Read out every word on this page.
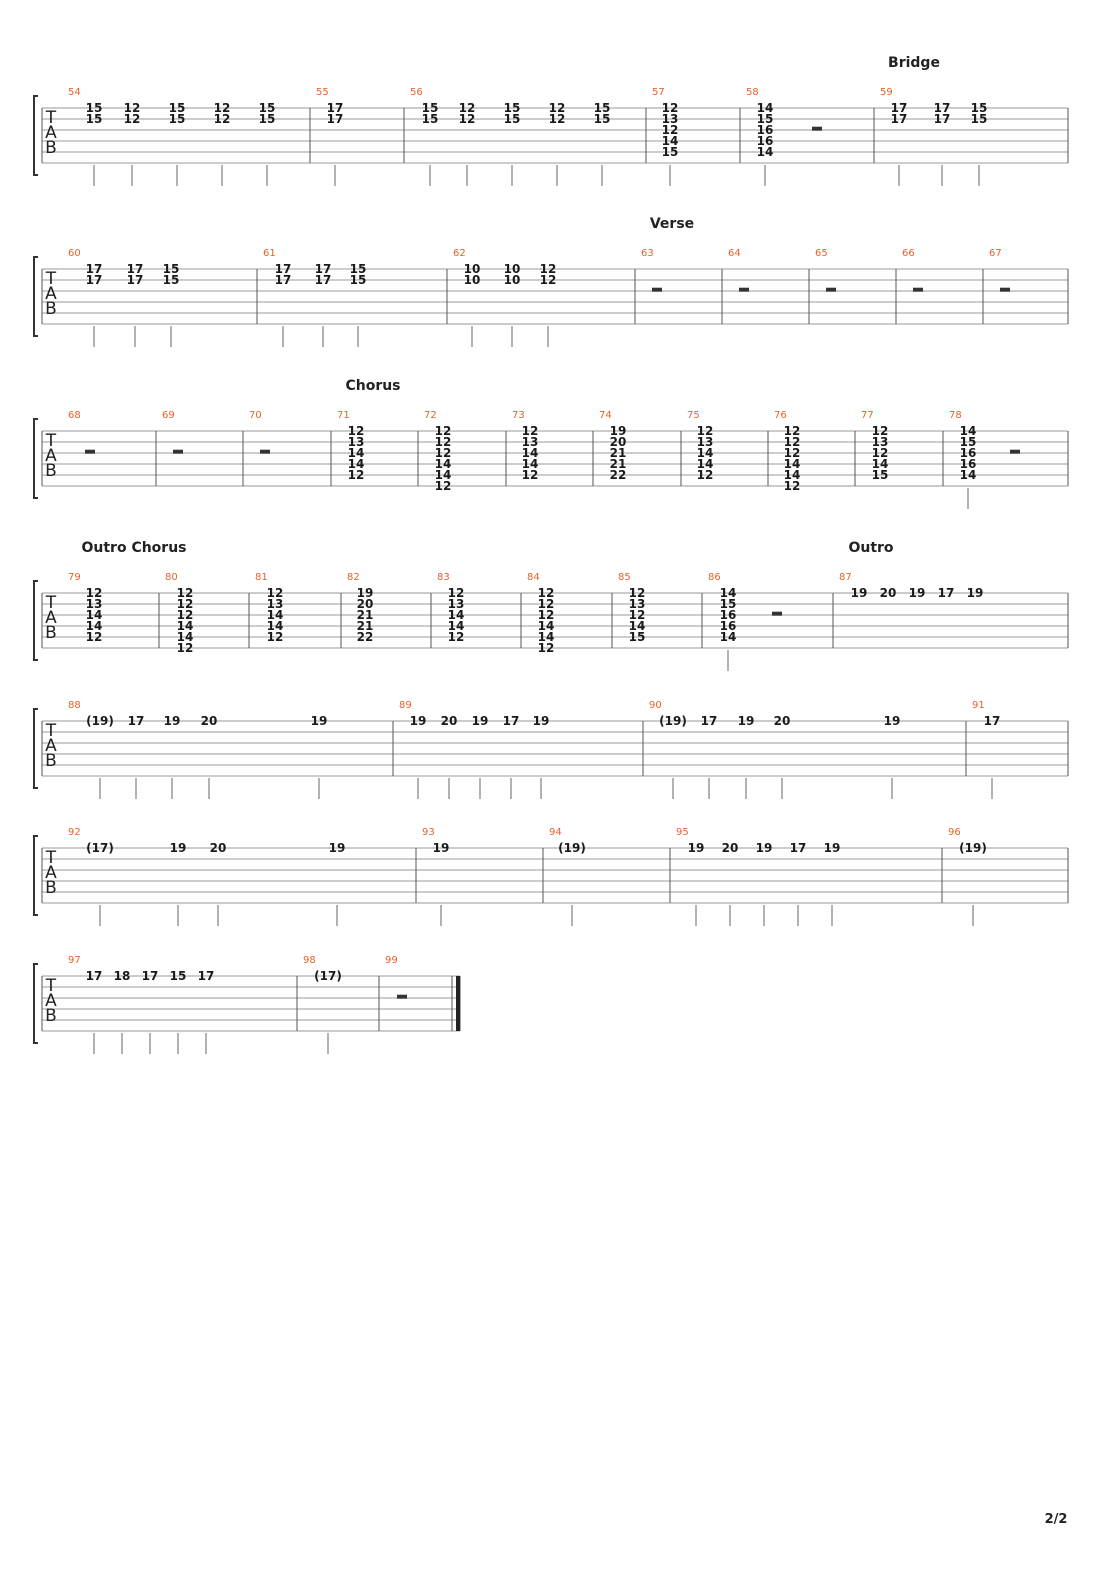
T
A
B
54
15
15
12
12
15
15
12
12
15
15
55
17
17
56
15
15
12
12
15
15
12
12
15
15
57
12
13
12
14
15
58
14
15
16
16
14
59
17
17
17
17
15
15
Bridge
T
A
B
60
17
17
17
17
15
15
61
17
17
17
17
15
15
62
10
10
10
10
12
12
63	64	65	66	67
Verse
T
A
B
68	69	70	71
12
13
14
14
12
72
12
12
12
14
14
12
73
12
13
14
14
12
74
19
20
21
21
22
75
12
13
14
14
12
76
12
12
12
14
14
12
77
12
13
12
14
15
78
14
15
16
16
14
Chorus
T
A
B
79
12
13
14
14
12
80
12
12
12
14
14
12
81
12
13
14
14
12
82
19
20
21
21
22
83
12
13
14
14
12
84
12
12
12
14
14
12
85
12
13
12
14
15
86
14
15
16
16
14
87
19 20 19 17 19
Outro Chorus	Outro
T
A
B
88
(19) 17 19 20	19
89
19 20 19 17 19
90
(19) 17 19 20	19
91
17
T
A
B
92
(17)	19 20	19
93
19
94
(19)
95
19 20 19 17 19
96
(19)
T
A
B
97
17 18 17 15 17
98
(17)
99
2/2
